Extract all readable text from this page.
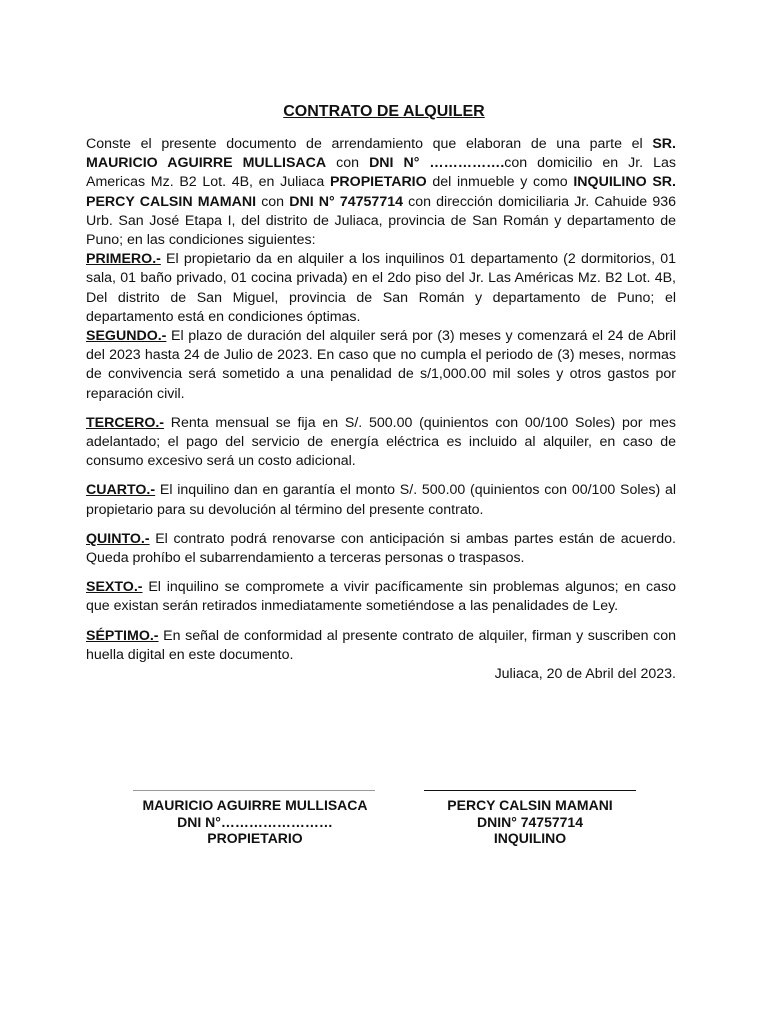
CONTRATO DE ALQUILER

Conste el presente documento de arrendamiento que elaboran de una parte el SR. MAURICIO AGUIRRE MULLISACA con DNI N° …………….con domicilio en Jr. Las Americas Mz. B2 Lot. 4B, en Juliaca PROPIETARIO del inmueble y como INQUILINO SR. PERCY CALSIN MAMANI con DNI N° 74757714 con dirección domiciliaria Jr. Cahuide 936 Urb. San José Etapa I, del distrito de Juliaca, provincia de San Román y departamento de Puno; en las condiciones siguientes:

PRIMERO.- El propietario da en alquiler a los inquilinos 01 departamento (2 dormitorios, 01 sala, 01 baño privado, 01 cocina privada) en el 2do piso del Jr. Las Américas Mz. B2 Lot. 4B, Del distrito de San Miguel, provincia de San Román y departamento de Puno; el departamento está en condiciones óptimas.

SEGUNDO.- El plazo de duración del alquiler será por (3) meses y comenzará el 24 de Abril del 2023 hasta 24 de Julio de 2023. En caso que no cumpla el periodo de (3) meses, normas de convivencia será sometido a una penalidad de s/1,000.00 mil soles y otros gastos por reparación civil.

TERCERO.- Renta mensual se fija en S/. 500.00 (quinientos con 00/100 Soles) por mes adelantado; el pago del servicio de energía eléctrica es incluido al alquiler, en caso de consumo excesivo será un costo adicional.

CUARTO.- El inquilino dan en garantía el monto S/. 500.00 (quinientos con 00/100 Soles) al propietario para su devolución al término del presente contrato.

QUINTO.- El contrato podrá renovarse con anticipación si ambas partes están de acuerdo. Queda prohíbo el subarrendamiento a terceras personas o traspasos.

SEXTO.- El inquilino se compromete a vivir pacíficamente sin problemas algunos; en caso que existan serán retirados inmediatamente sometiéndose a las penalidades de Ley.

SÉPTIMO.- En señal de conformidad al presente contrato de alquiler, firman y suscriben con huella digital en este documento.

Juliaca, 20 de Abril del 2023.

MAURICIO AGUIRRE MULLISACA
DNI N°……………………
PROPIETARIO
PERCY CALSIN MAMANI
DNIN° 74757714
INQUILINO
